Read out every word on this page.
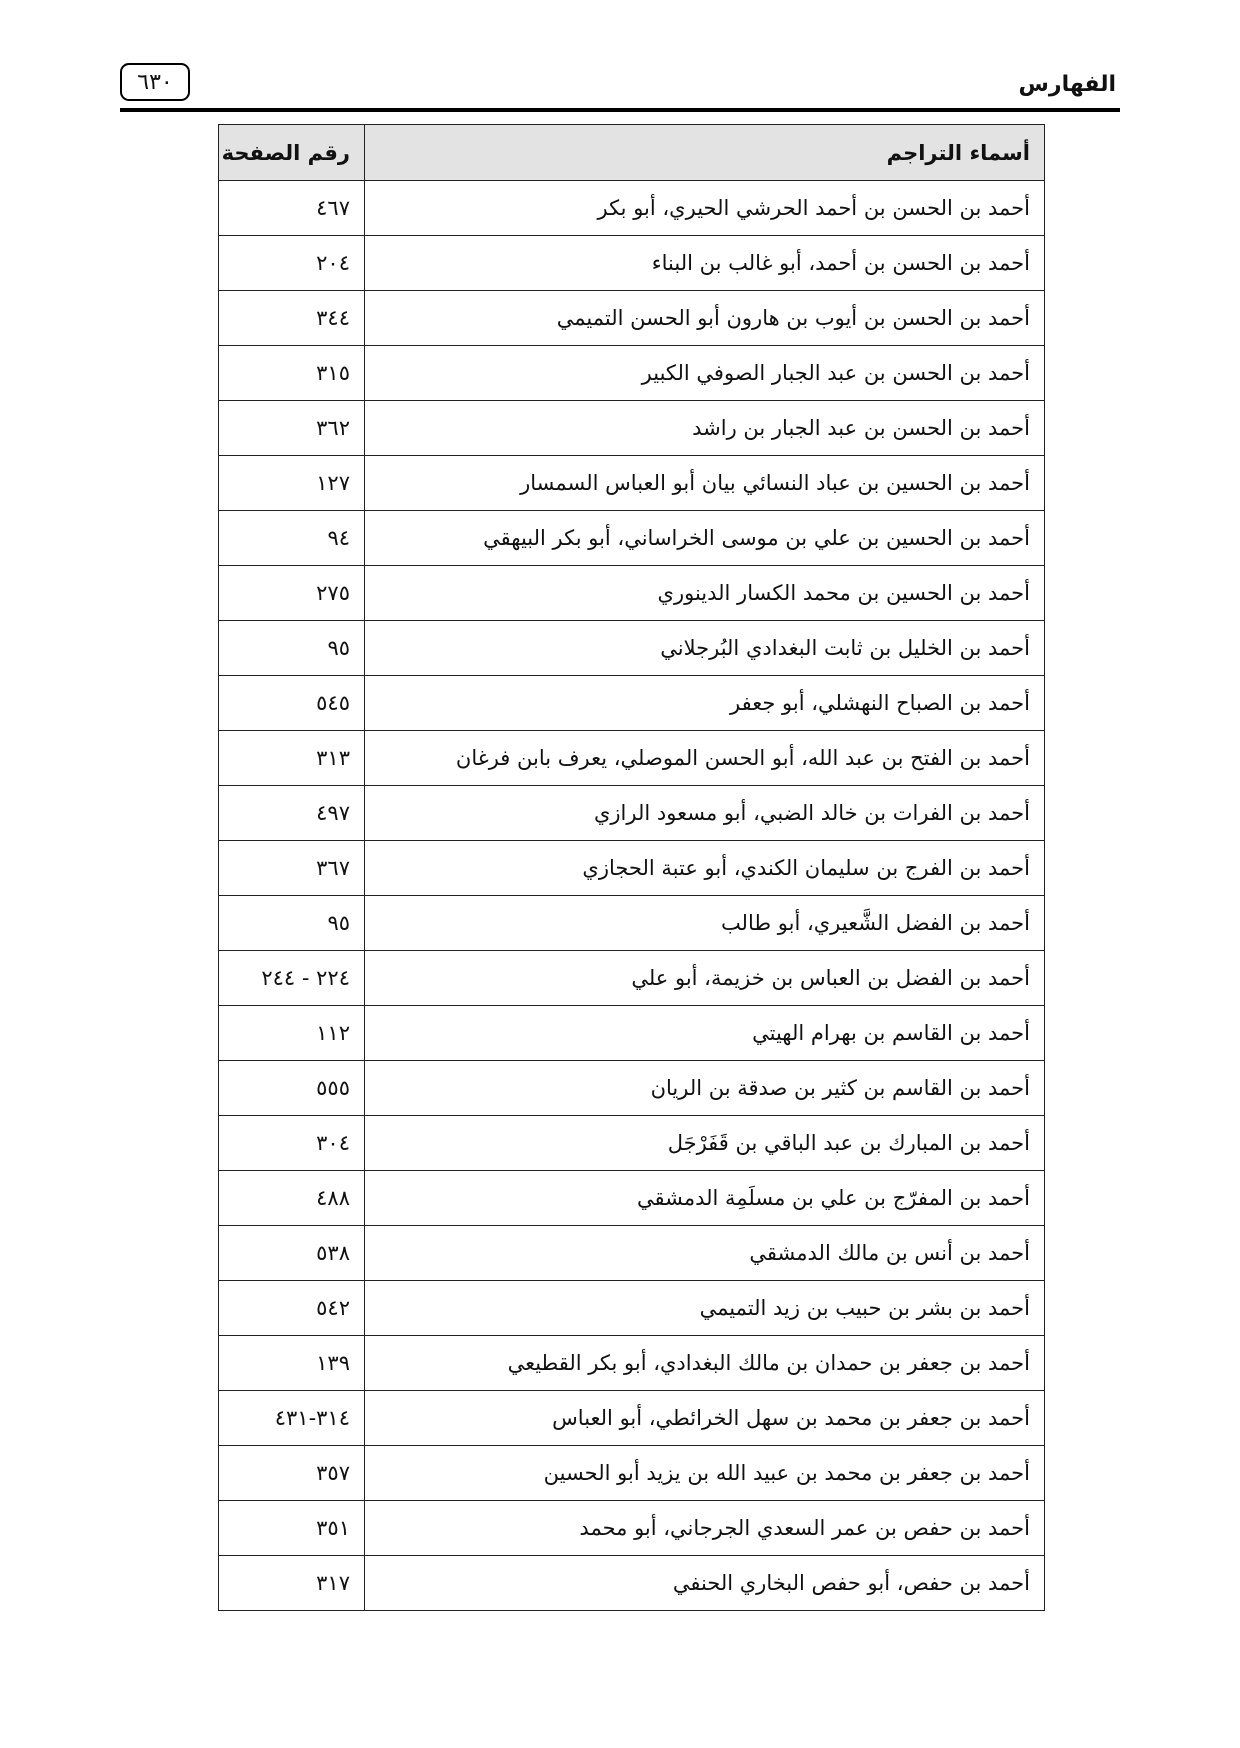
٦٣٠	الفهارس
أسماء التراجم	رقم الصفحة
أحمد بن الحسن بن أحمد الحرشي الحيري، أبو بكر	٤٦٧
أحمد بن الحسن بن أحمد، أبو غالب بن البناء	٢٠٤
أحمد بن الحسن بن أيوب بن هارون أبو الحسن التميمي	٣٤٤
أحمد بن الحسن بن عبد الجبار الصوفي الكبير	٣١٥
أحمد بن الحسن بن عبد الجبار بن راشد	٣٦٢
أحمد بن الحسين بن عباد النسائي بيان أبو العباس السمسار	١٢٧
أحمد بن الحسين بن علي بن موسى الخراساني، أبو بكر البيهقي	٩٤
أحمد بن الحسين بن محمد الكسار الدينوري	٢٧٥
أحمد بن الخليل بن ثابت البغدادي البُرجلاني	٩٥
أحمد بن الصباح النهشلي، أبو جعفر	٥٤٥
أحمد بن الفتح بن عبد الله، أبو الحسن الموصلي، يعرف بابن فرغان	٣١٣
أحمد بن الفرات بن خالد الضبي، أبو مسعود الرازي	٤٩٧
أحمد بن الفرج بن سليمان الكندي، أبو عتبة الحجازي	٣٦٧
أحمد بن الفضل الشَّعيري، أبو طالب	٩٥
أحمد بن الفضل بن العباس بن خزيمة، أبو علي	٢٢٤ - ٢٤٤
أحمد بن القاسم بن بهرام الهيتي	١١٢
أحمد بن القاسم بن كثير بن صدقة بن الريان	٥٥٥
أحمد بن المبارك بن عبد الباقي بن قَفَرْجَل	٣٠٤
أحمد بن المفرّج بن علي بن مسلَمِة الدمشقي	٤٨٨
أحمد بن أنس بن مالك الدمشقي	٥٣٨
أحمد بن بشر بن حبيب بن زيد التميمي	٥٤٢
أحمد بن جعفر بن حمدان بن مالك البغدادي، أبو بكر القطيعي	١٣٩
أحمد بن جعفر بن محمد بن سهل الخرائطي، أبو العباس	٣١٤-٤٣١
أحمد بن جعفر بن محمد بن عبيد الله بن يزيد أبو الحسين	٣٥٧
أحمد بن حفص بن عمر السعدي الجرجاني، أبو محمد	٣٥١
أحمد بن حفص، أبو حفص البخاري الحنفي	٣١٧
